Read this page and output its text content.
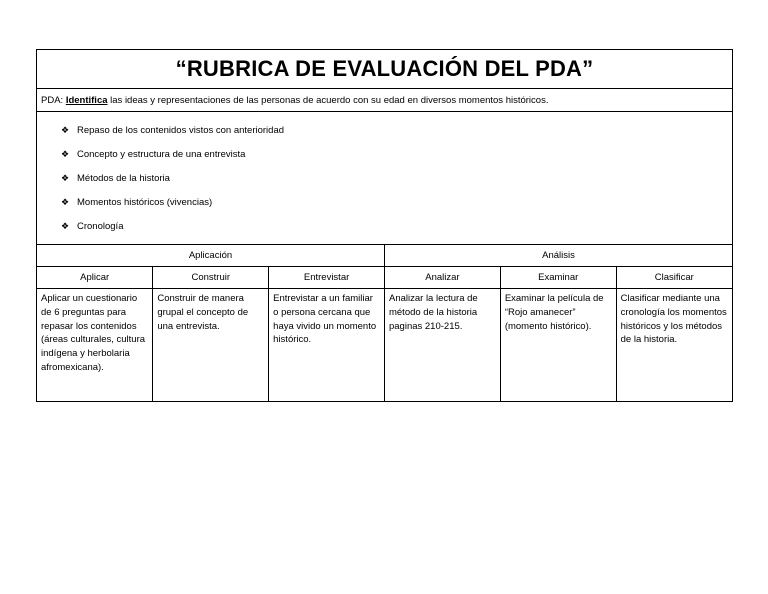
“RUBRICA DE EVALUACIÓN DEL PDA”
PDA: Identifica las ideas y representaciones de las personas de acuerdo con su edad en diversos momentos históricos.
❖ Repaso de los contenidos vistos con anterioridad
❖ Concepto y estructura de una entrevista
❖ Métodos de la historia
❖ Momentos históricos (vivencias)
❖ Cronología
Aplicación			Análisis		
Aplicar	Construir	Entrevistar	Analizar	Examinar	Clasificar
Aplicar un cuestionario de 6 preguntas para repasar los contenidos (áreas culturales, cultura indígena y herbolaria afromexicana).	Construir de manera grupal el concepto de una entrevista.	Entrevistar a un familiar o persona cercana que haya vivido un momento histórico.	Analizar la lectura de método de la historia paginas 210-215.	Examinar la película de “Rojo amanecer” (momento histórico).	Clasificar mediante una cronología los momentos históricos y los métodos de la historia.
